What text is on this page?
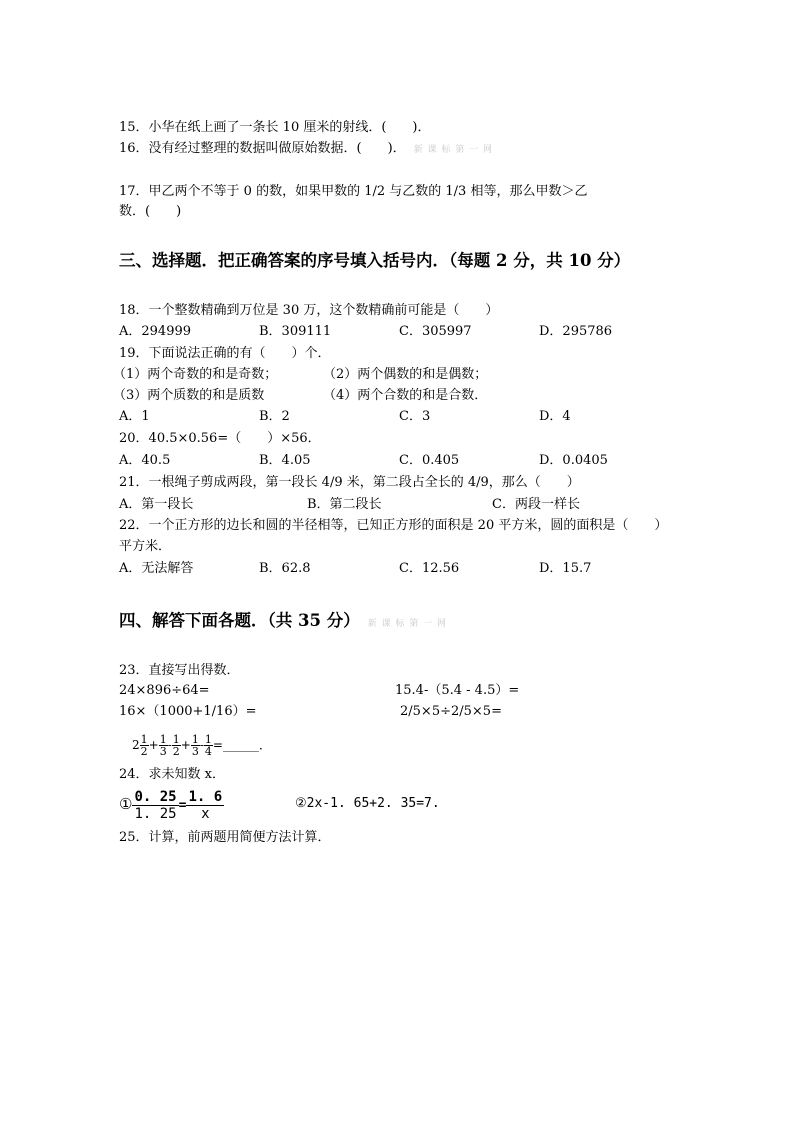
15．小华在纸上画了一条长 10 厘米的射线．(　　)．
16．没有经过整理的数据叫做原始数据．(　　)． 新 课 标 第 一 网
17．甲乙两个不等于 0 的数，如果甲数的 1/2 与乙数的 1/3 相等，那么甲数＞乙
数．(　　)
三、选择题．把正确答案的序号填入括号内．（每题 2 分，共 10 分）
18．一个整数精确到万位是 30 万，这个数精确前可能是（　　）
A．294999	B．309111	C．305997	D．295786
19．下面说法正确的有（　　）个．
（1）两个奇数的和是奇数；	（2）两个偶数的和是偶数；
（3）两个质数的和是质数	（4）两个合数的和是合数．
A．1	B．2	C．3	D．4
20．40.5×0.56=（　　）×56．
A．40.5	B．4.05	C．0.405	D．0.0405
21．一根绳子剪成两段，第一段长 4/9 米，第二段占全长的 4/9，那么（　　）
A．第一段长	B．第二段长	C．两段一样长
22．一个正方形的边长和圆的半径相等，已知正方形的面积是 20 平方米，圆的面积是（　　）
平方米．
A．无法解答	B．62.8	C．12.56	D．15.7
四、解答下面各题．（共 35 分） 新 课 标 第 一 网
23．直接写出得数．
24×896÷64=	15.4-（5.4 - 4.5）=
16×（1000+1/16）=	2/5×5÷2/5×5=
$2 \frac{1}{2} + \frac{1}{3} - \frac{1}{2} + \frac{1}{3} - \frac{1}{4}$ =______．
24．求未知数 x．
① $\frac{0. 25}{1. 25} = \frac{1. 6}{x}$	②2x-1. 65+2. 35=7.
25．计算，前两题用简便方法计算．
